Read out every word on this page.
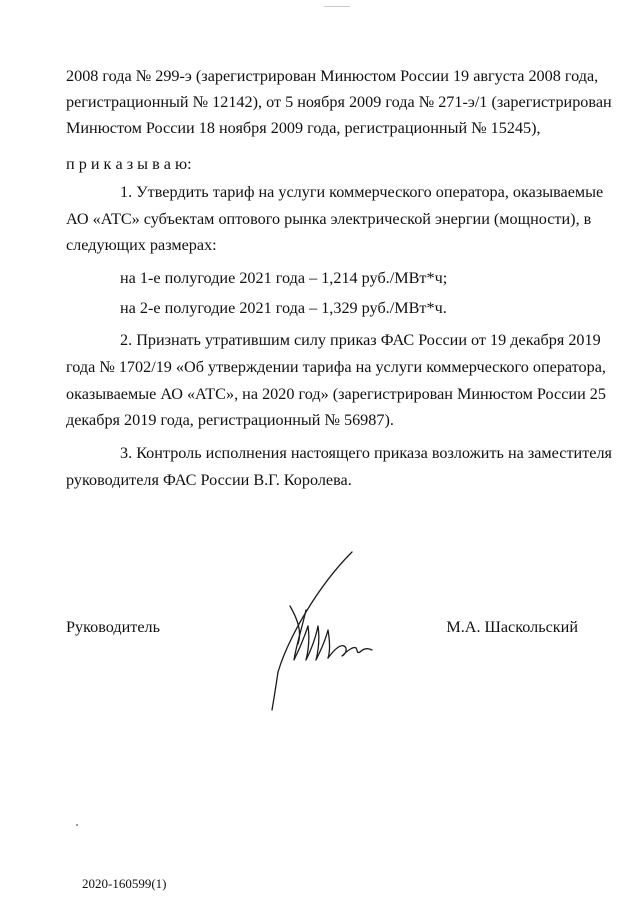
2008 года № 299-э (зарегистрирован Минюстом России 19 августа 2008 года,
регистрационный № 12142), от 5 ноября 2009 года № 271-э/1 (зарегистрирован
Минюстом России 18 ноября 2009 года, регистрационный № 15245),
п р и к а з ы в а ю:
1. Утвердить тариф на услуги коммерческого оператора, оказываемые
АО «АТС» субъектам оптового рынка электрической энергии (мощности), в
следующих размерах:
на 1-е полугодие 2021 года – 1,214 руб./МВт*ч;
на 2-е полугодие 2021 года – 1,329 руб./МВт*ч.
2. Признать утратившим силу приказ ФАС России от 19 декабря 2019
года № 1702/19 «Об утверждении тарифа на услуги коммерческого оператора,
оказываемые АО «АТС», на 2020 год» (зарегистрирован Минюстом России 25
декабря 2019 года, регистрационный № 56987).
3. Контроль исполнения настоящего приказа возложить на заместителя
руководителя ФАС России В.Г. Королева.
Руководитель	М.А. Шаскольский
2020-160599(1)
